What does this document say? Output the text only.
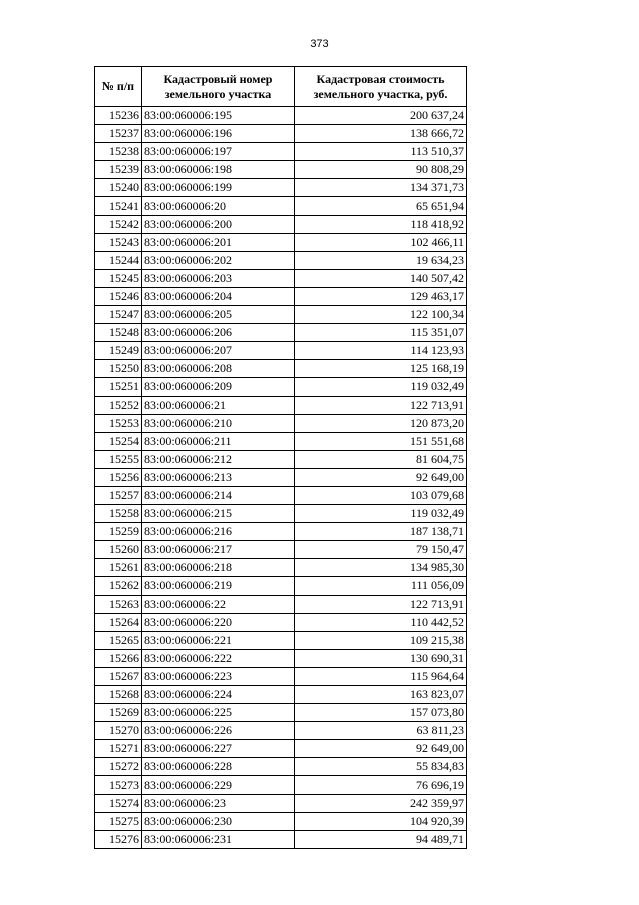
373
№ п/п	Кадастровый номер земельного участка	Кадастровая стоимость земельного участка, руб.
15236	83:00:060006:195	200 637,24
15237	83:00:060006:196	138 666,72
15238	83:00:060006:197	113 510,37
15239	83:00:060006:198	90 808,29
15240	83:00:060006:199	134 371,73
15241	83:00:060006:20	65 651,94
15242	83:00:060006:200	118 418,92
15243	83:00:060006:201	102 466,11
15244	83:00:060006:202	19 634,23
15245	83:00:060006:203	140 507,42
15246	83:00:060006:204	129 463,17
15247	83:00:060006:205	122 100,34
15248	83:00:060006:206	115 351,07
15249	83:00:060006:207	114 123,93
15250	83:00:060006:208	125 168,19
15251	83:00:060006:209	119 032,49
15252	83:00:060006:21	122 713,91
15253	83:00:060006:210	120 873,20
15254	83:00:060006:211	151 551,68
15255	83:00:060006:212	81 604,75
15256	83:00:060006:213	92 649,00
15257	83:00:060006:214	103 079,68
15258	83:00:060006:215	119 032,49
15259	83:00:060006:216	187 138,71
15260	83:00:060006:217	79 150,47
15261	83:00:060006:218	134 985,30
15262	83:00:060006:219	111 056,09
15263	83:00:060006:22	122 713,91
15264	83:00:060006:220	110 442,52
15265	83:00:060006:221	109 215,38
15266	83:00:060006:222	130 690,31
15267	83:00:060006:223	115 964,64
15268	83:00:060006:224	163 823,07
15269	83:00:060006:225	157 073,80
15270	83:00:060006:226	63 811,23
15271	83:00:060006:227	92 649,00
15272	83:00:060006:228	55 834,83
15273	83:00:060006:229	76 696,19
15274	83:00:060006:23	242 359,97
15275	83:00:060006:230	104 920,39
15276	83:00:060006:231	94 489,71
